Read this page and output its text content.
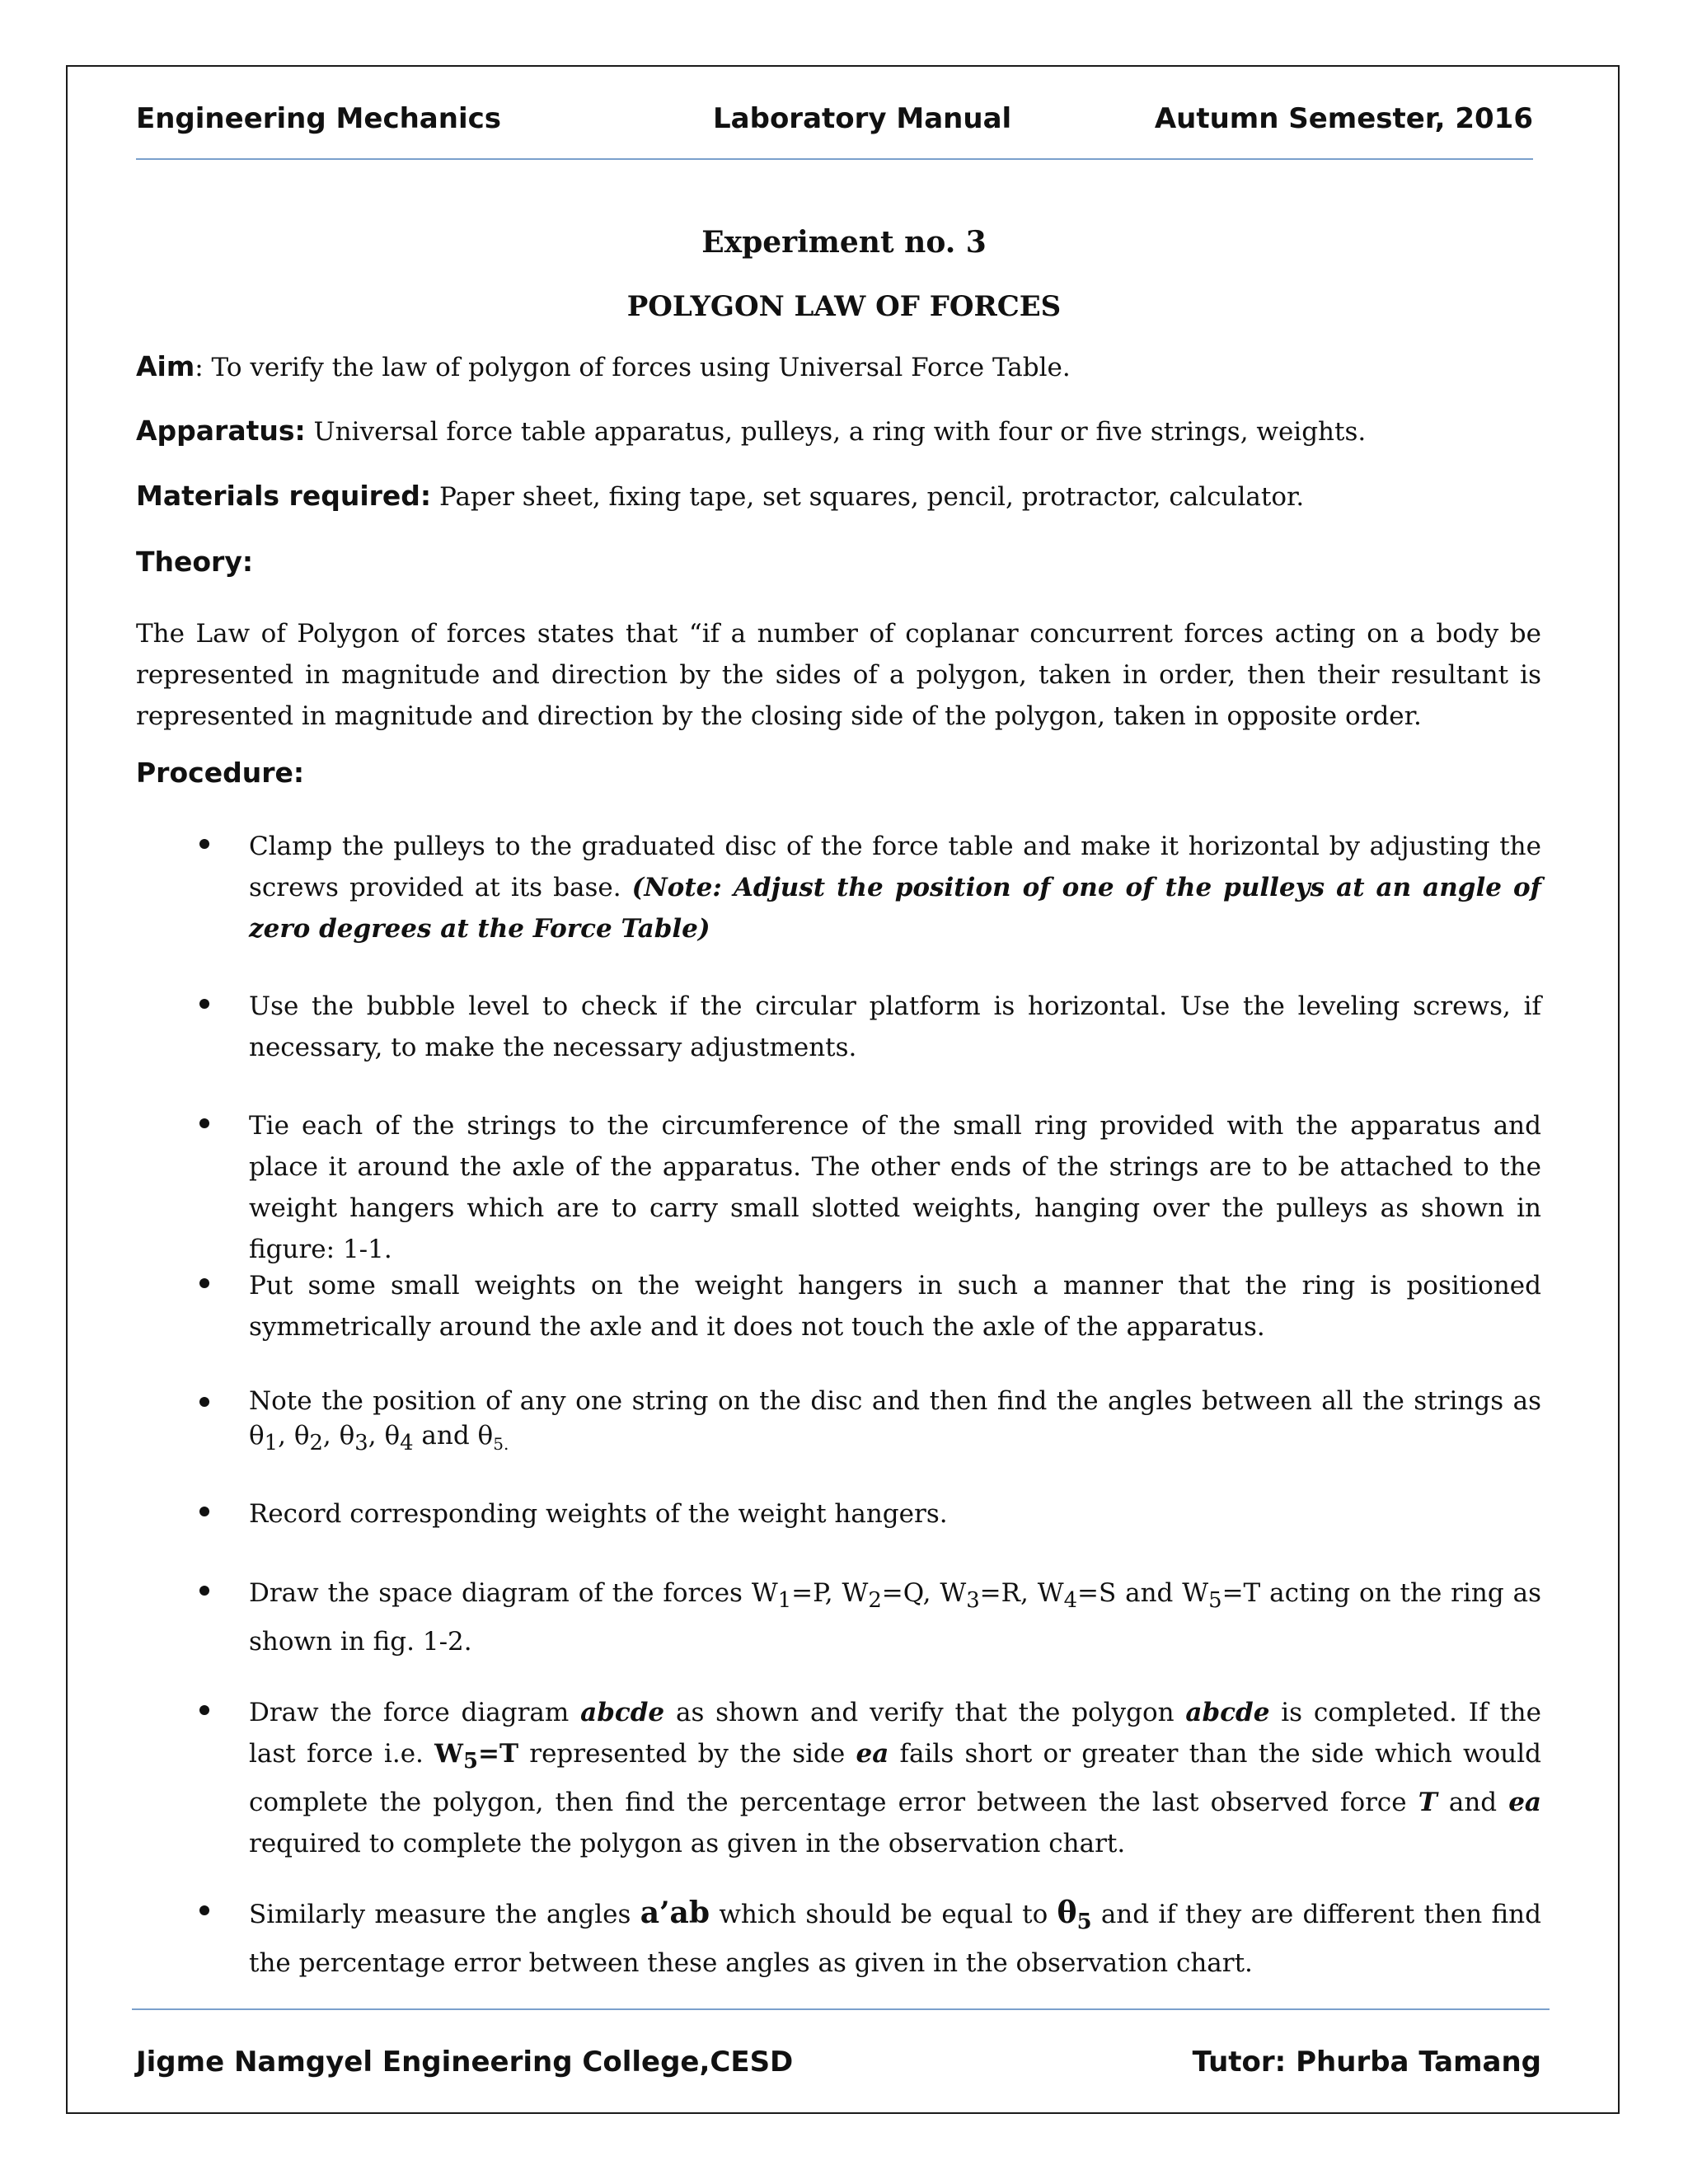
Engineering Mechanics	Laboratory Manual	Autumn Semester, 2016
Experiment no. 3
POLYGON LAW OF FORCES
Aim: To verify the law of polygon of forces using Universal Force Table.
Apparatus: Universal force table apparatus, pulleys, a ring with four or five strings, weights.
Materials required: Paper sheet, fixing tape, set squares, pencil, protractor, calculator.
Theory:
The Law of Polygon of forces states that “if a number of coplanar concurrent forces acting on a body be represented in magnitude and direction by the sides of a polygon, taken in order, then their resultant is represented in magnitude and direction by the closing side of the polygon, taken in opposite order.
Procedure:
Clamp the pulleys to the graduated disc of the force table and make it horizontal by adjusting the screws provided at its base. (Note: Adjust the position of one of the pulleys at an angle of zero degrees at the Force Table)
Use the bubble level to check if the circular platform is horizontal. Use the leveling screws, if necessary, to make the necessary adjustments.
Tie each of the strings to the circumference of the small ring provided with the apparatus and place it around the axle of the apparatus. The other ends of the strings are to be attached to the weight hangers which are to carry small slotted weights, hanging over the pulleys as shown in figure: 1-1.
Put some small weights on the weight hangers in such a manner that the ring is positioned symmetrically around the axle and it does not touch the axle of the apparatus.
Note the position of any one string on the disc and then find the angles between all the strings as $\theta_1$, $\theta_2$, $\theta_3$, $\theta_4$ and $\theta_{5.}$
Record corresponding weights of the weight hangers.
Draw the space diagram of the forces $W_1=P$, $W_2=Q$, $W_3=R$, $W_4=S$ and $W_5=T$ acting on the ring as shown in fig. 1-2.
Draw the force diagram abcde as shown and verify that the polygon abcde is completed. If the last force i.e. $W_5=T$ represented by the side ea fails short or greater than the side which would complete the polygon, then find the percentage error between the last observed force T and ea required to complete the polygon as given in the observation chart.
Similarly measure the angles a’ab which should be equal to $\theta_5$ and if they are different then find the percentage error between these angles as given in the observation chart.
Jigme Namgyel Engineering College,CESD	Tutor: Phurba Tamang
